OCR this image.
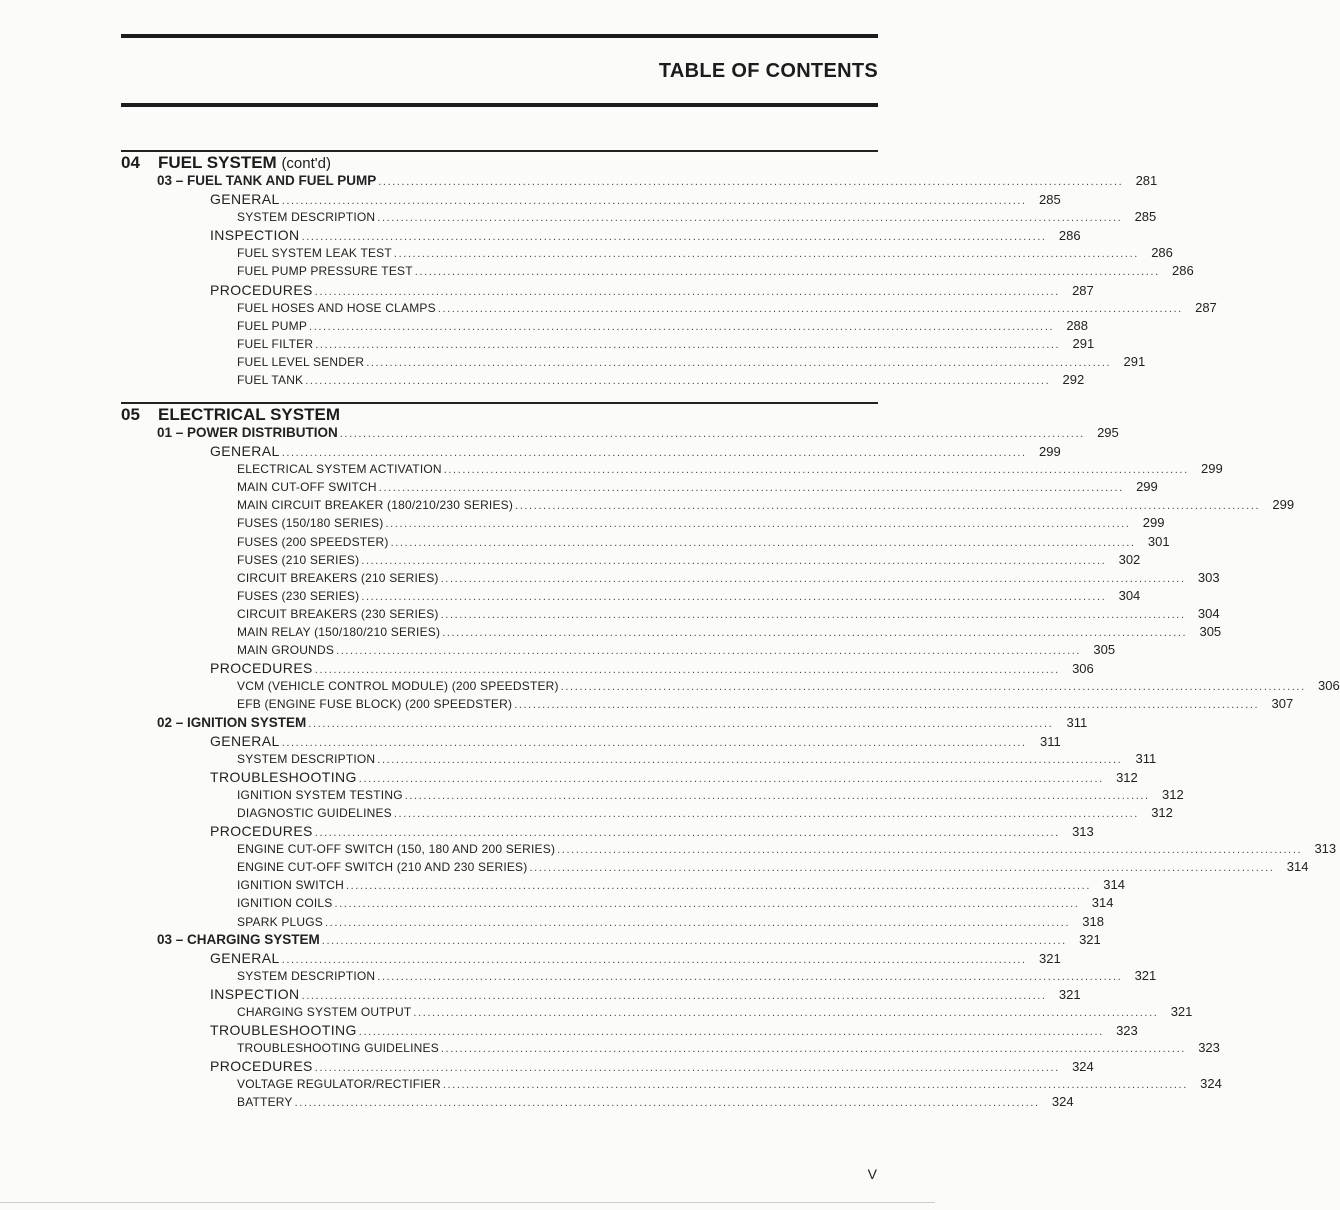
TABLE OF CONTENTS
04 FUEL SYSTEM (cont'd)
03 – FUEL TANK AND FUEL PUMP ................................................................................................................................................................ 281
GENERAL ................................................................................................................................................................ 285
SYSTEM DESCRIPTION ................................................................................................................................................................ 285
INSPECTION ................................................................................................................................................................ 286
FUEL SYSTEM LEAK TEST ................................................................................................................................................................ 286
FUEL PUMP PRESSURE TEST ................................................................................................................................................................ 286
PROCEDURES ................................................................................................................................................................ 287
FUEL HOSES AND HOSE CLAMPS ................................................................................................................................................................ 287
FUEL PUMP ................................................................................................................................................................ 288
FUEL FILTER ................................................................................................................................................................ 291
FUEL LEVEL SENDER ................................................................................................................................................................ 291
FUEL TANK ................................................................................................................................................................ 292
05 ELECTRICAL SYSTEM
01 – POWER DISTRIBUTION ................................................................................................................................................................ 295
GENERAL ................................................................................................................................................................ 299
ELECTRICAL SYSTEM ACTIVATION ................................................................................................................................................................ 299
MAIN CUT-OFF SWITCH ................................................................................................................................................................ 299
MAIN CIRCUIT BREAKER (180/210/230 SERIES) ................................................................................................................................................................ 299
FUSES (150/180 SERIES) ................................................................................................................................................................ 299
FUSES (200 SPEEDSTER) ................................................................................................................................................................ 301
FUSES (210 SERIES) ................................................................................................................................................................ 302
CIRCUIT BREAKERS (210 SERIES) ................................................................................................................................................................ 303
FUSES (230 SERIES) ................................................................................................................................................................ 304
CIRCUIT BREAKERS (230 SERIES) ................................................................................................................................................................ 304
MAIN RELAY (150/180/210 SERIES) ................................................................................................................................................................ 305
MAIN GROUNDS ................................................................................................................................................................ 305
PROCEDURES ................................................................................................................................................................ 306
VCM (VEHICLE CONTROL MODULE) (200 SPEEDSTER) ................................................................................................................................................................ 306
EFB (ENGINE FUSE BLOCK) (200 SPEEDSTER) ................................................................................................................................................................ 307
02 – IGNITION SYSTEM ................................................................................................................................................................	311
GENERAL ................................................................................................................................................................	311
SYSTEM DESCRIPTION ................................................................................................................................................................	311
TROUBLESHOOTING ................................................................................................................................................................ 312
IGNITION SYSTEM TESTING ................................................................................................................................................................ 312
DIAGNOSTIC GUIDELINES ................................................................................................................................................................ 312
PROCEDURES ................................................................................................................................................................ 313
ENGINE CUT-OFF SWITCH (150, 180 AND 200 SERIES) ................................................................................................................................................................ 313
ENGINE CUT-OFF SWITCH (210 AND 230 SERIES) ................................................................................................................................................................ 314
IGNITION SWITCH ................................................................................................................................................................ 314
IGNITION COILS ................................................................................................................................................................ 314
SPARK PLUGS ................................................................................................................................................................ 318
03 – CHARGING SYSTEM ................................................................................................................................................................ 321
GENERAL ................................................................................................................................................................ 321
SYSTEM DESCRIPTION ................................................................................................................................................................ 321
INSPECTION ................................................................................................................................................................ 321
CHARGING SYSTEM OUTPUT ................................................................................................................................................................ 321
TROUBLESHOOTING ................................................................................................................................................................ 323
TROUBLESHOOTING GUIDELINES ................................................................................................................................................................ 323
PROCEDURES ................................................................................................................................................................ 324
VOLTAGE REGULATOR/RECTIFIER ................................................................................................................................................................ 324
BATTERY ................................................................................................................................................................ 324
V
